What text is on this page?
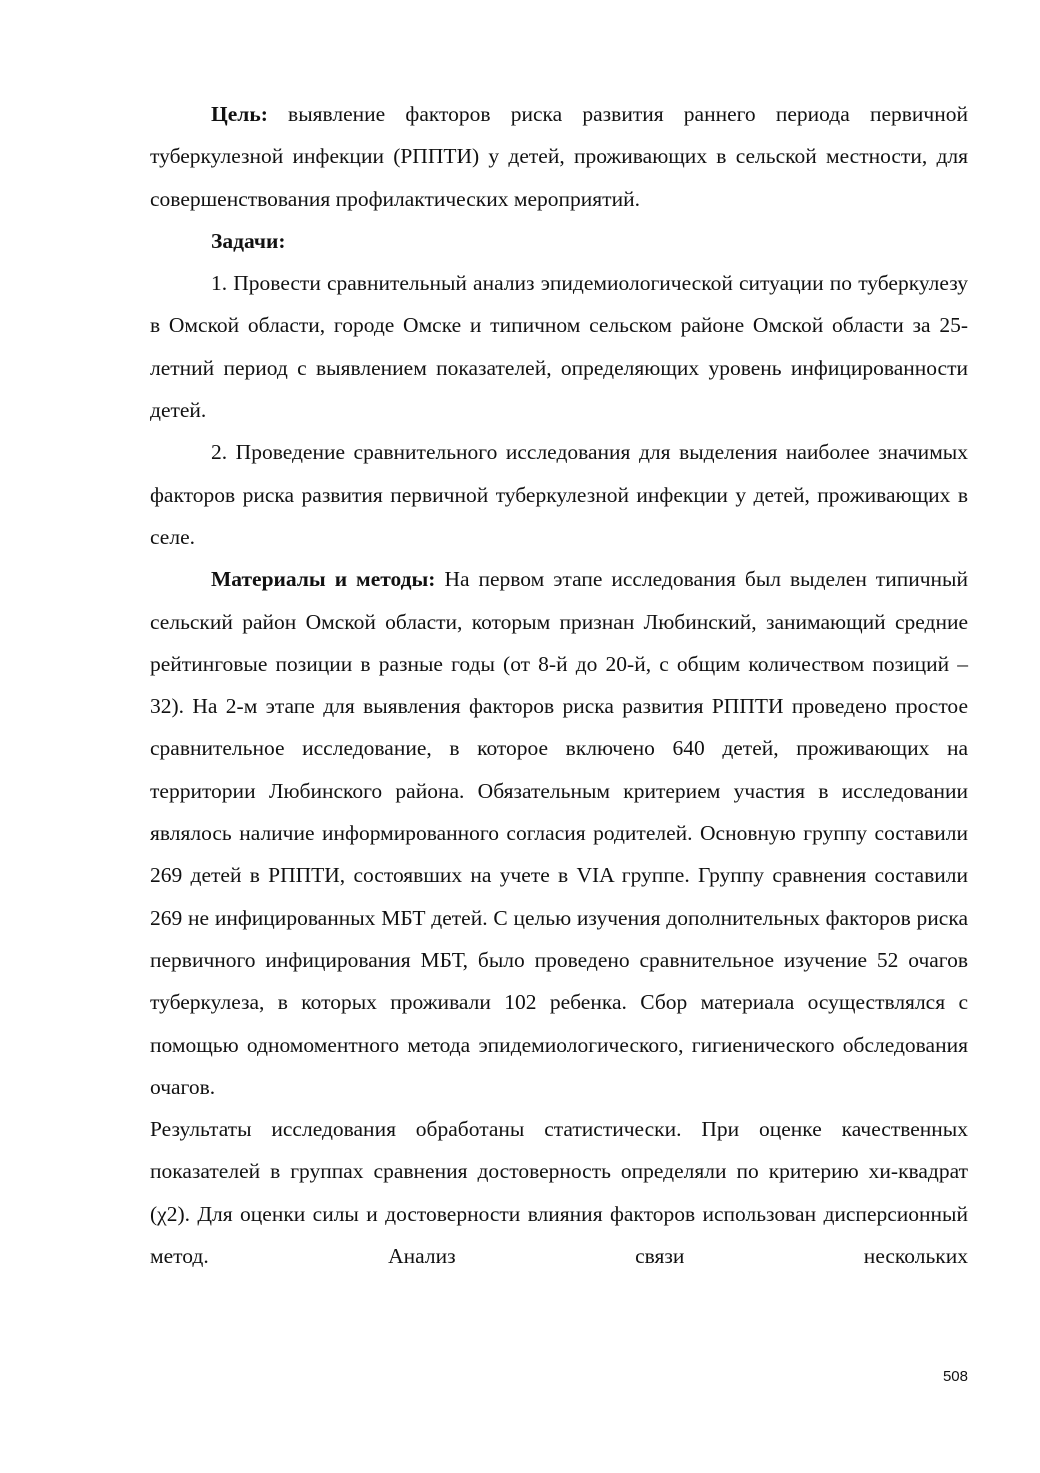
Цель: выявление факторов риска развития раннего периода первичной туберкулезной инфекции (РППТИ) у детей, проживающих в сельской местности, для совершенствования профилактических мероприятий.

Задачи:

1. Провести сравнительный анализ эпидемиологической ситуации по туберкулезу в Омской области, городе Омске и типичном сельском районе Омской области за 25-летний период с выявлением показателей, определяющих уровень инфицированности детей.

2. Проведение сравнительного исследования для выделения наиболее значимых факторов риска развития первичной туберкулезной инфекции у детей, проживающих в селе.

Материалы и методы: На первом этапе исследования был выделен типичный сельский район Омской области, которым признан Любинский, занимающий средние рейтинговые позиции в разные годы (от 8-й до 20-й, с общим количеством позиций – 32). На 2-м этапе для выявления факторов риска развития РППТИ проведено простое сравнительное исследование, в которое включено 640 детей, проживающих на территории Любинского района. Обязательным критерием участия в исследовании являлось наличие информированного согласия родителей. Основную группу составили 269 детей в РППТИ, состоявших на учете в VIA группе. Группу сравнения составили 269 не инфицированных МБТ детей. С целью изучения дополнительных факторов риска первичного инфицирования МБТ, было проведено сравнительное изучение 52 очагов туберкулеза, в которых проживали 102 ребенка. Сбор материала осуществлялся с помощью одномоментного метода эпидемиологического, гигиенического обследования очагов.

Результаты исследования обработаны статистически. При оценке качественных показателей в группах сравнения достоверность определяли по критерию хи-квадрат (χ2). Для оценки силы и достоверности влияния факторов использован дисперсионный метод. Анализ связи нескольких

508
